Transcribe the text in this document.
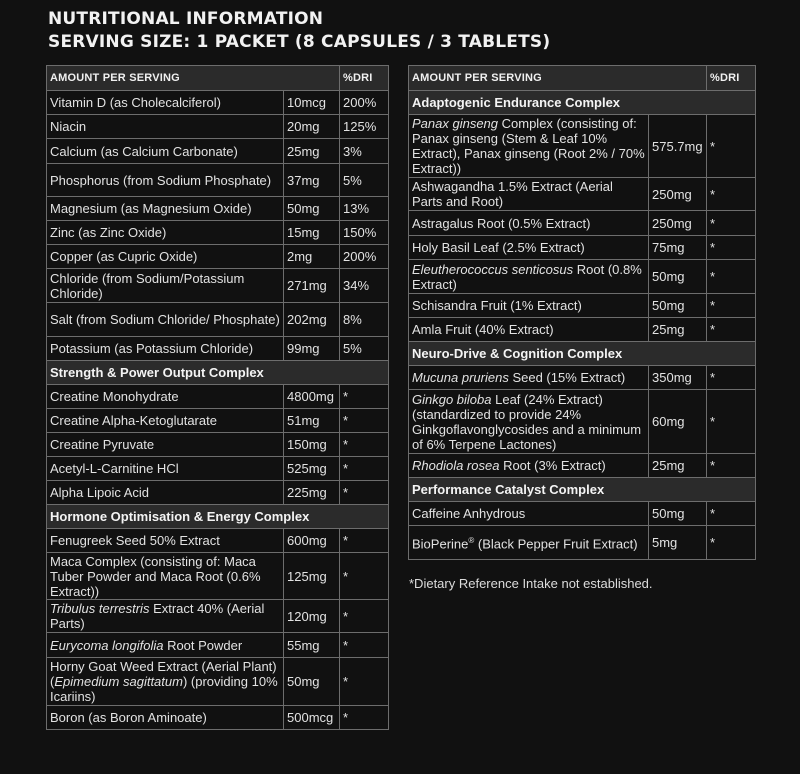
NUTRITIONAL INFORMATION
SERVING SIZE: 1 PACKET (8 CAPSULES / 3 TABLETS)
AMOUNT PER SERVING		%DRI
Vitamin D (as Cholecalciferol)	10mcg	200%
Niacin	20mg	125%
Calcium (as Calcium Carbonate)	25mg	3%
Phosphorus (from Sodium Phosphate)	37mg	5%
Magnesium (as Magnesium Oxide)	50mg	13%
Zinc (as Zinc Oxide)	15mg	150%
Copper (as Cupric Oxide)	2mg	200%
Chloride (from Sodium/Potassium Chloride)	271mg	34%
Salt (from Sodium Chloride/ Phosphate)	202mg	8%
Potassium (as Potassium Chloride)	99mg	5%
Strength & Power Output Complex		
Creatine Monohydrate	4800mg	*
Creatine Alpha-Ketoglutarate	51mg	*
Creatine Pyruvate	150mg	*
Acetyl-L-Carnitine HCl	525mg	*
Alpha Lipoic Acid	225mg	*
Hormone Optimisation & Energy Complex		
Fenugreek Seed 50% Extract	600mg	*
Maca Complex (consisting of: Maca Tuber Powder and Maca Root (0.6% Extract))	125mg	*
Tribulus terrestris Extract 40% (Aerial Parts)	120mg	*
Eurycoma longifolia Root Powder	55mg	*
Horny Goat Weed Extract (Aerial Plant) (Epimedium sagittatum) (providing 10% Icariins)	50mg	*
Boron (as Boron Aminoate)	500mcg	*
AMOUNT PER SERVING		%DRI
Adaptogenic Endurance Complex		
Panax ginseng Complex (consisting of: Panax ginseng (Stem & Leaf 10% Extract), Panax ginseng (Root 2% / 70% Extract))	575.7mg	*
Ashwagandha 1.5% Extract (Aerial Parts and Root)	250mg	*
Astragalus Root (0.5% Extract)	250mg	*
Holy Basil Leaf (2.5% Extract)	75mg	*
Eleutherococcus senticosus Root (0.8% Extract)	50mg	*
Schisandra Fruit (1% Extract)	50mg	*
Amla Fruit (40% Extract)	25mg	*
Neuro-Drive & Cognition Complex		
Mucuna pruriens Seed (15% Extract)	350mg	*
Ginkgo biloba Leaf (24% Extract) (standardized to provide 24% Ginkgoflavonglycosides and a minimum of 6% Terpene Lactones)	60mg	*
Rhodiola rosea Root (3% Extract)	25mg	*
Performance Catalyst Complex		
Caffeine Anhydrous	50mg	*
BioPerine® (Black Pepper Fruit Extract)	5mg	*
*Dietary Reference Intake not established.
